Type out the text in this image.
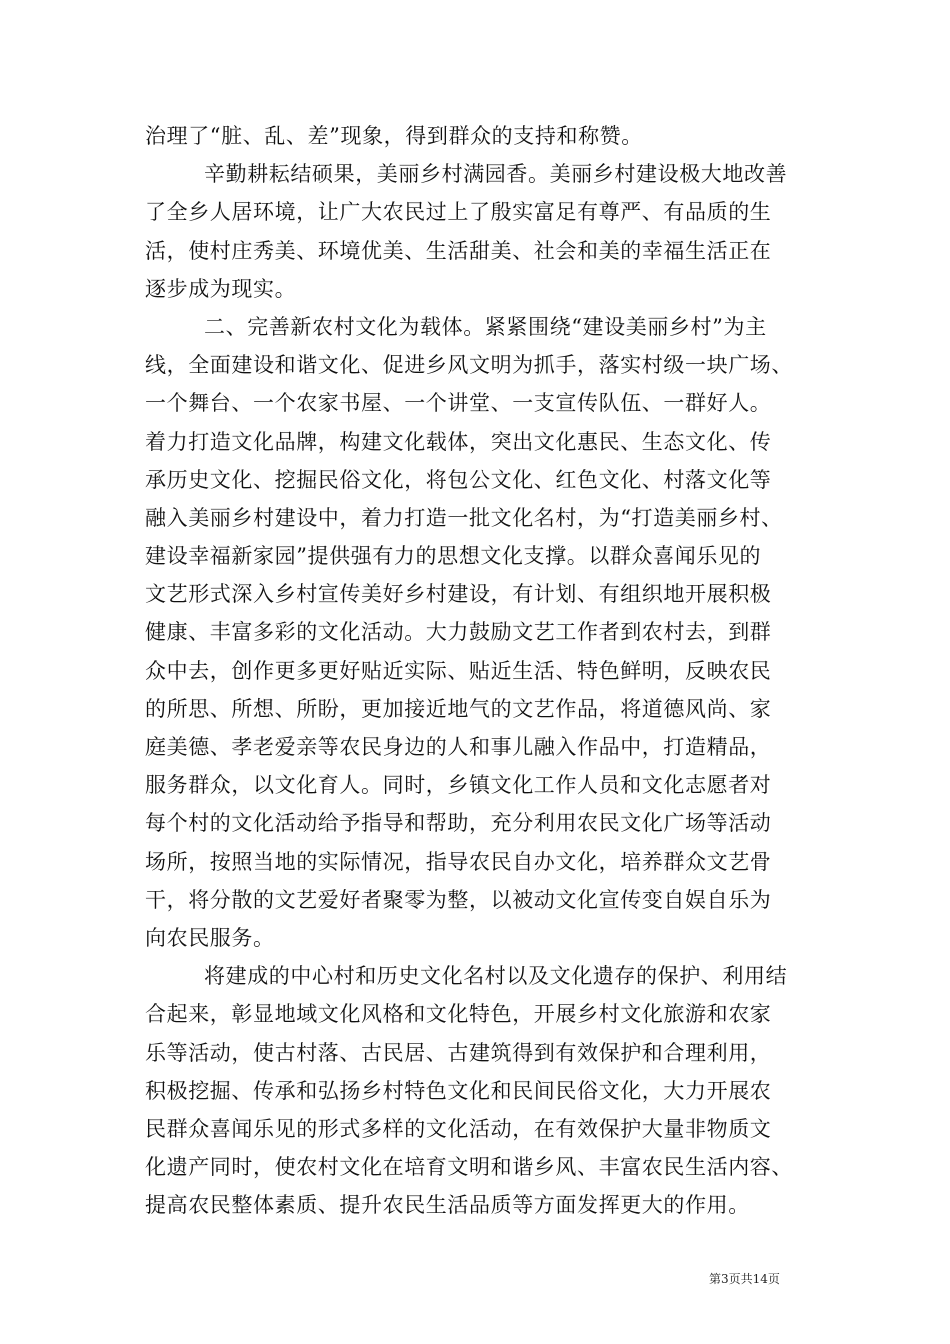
治理了“脏、乱、差”现象，得到群众的支持和称赞。
辛勤耕耘结硕果，美丽乡村满园香。美丽乡村建设极大地改善
了全乡人居环境，让广大农民过上了殷实富足有尊严、有品质的生
活，使村庄秀美、环境优美、生活甜美、社会和美的幸福生活正在
逐步成为现实。
二、完善新农村文化为载体。紧紧围绕“建设美丽乡村”为主
线，全面建设和谐文化、促进乡风文明为抓手，落实村级一块广场、
一个舞台、一个农家书屋、一个讲堂、一支宣传队伍、一群好人。
着力打造文化品牌，构建文化载体，突出文化惠民、生态文化、传
承历史文化、挖掘民俗文化，将包公文化、红色文化、村落文化等
融入美丽乡村建设中，着力打造一批文化名村，为“打造美丽乡村、
建设幸福新家园”提供强有力的思想文化支撑。以群众喜闻乐见的
文艺形式深入乡村宣传美好乡村建设，有计划、有组织地开展积极
健康、丰富多彩的文化活动。大力鼓励文艺工作者到农村去，到群
众中去，创作更多更好贴近实际、贴近生活、特色鲜明，反映农民
的所思、所想、所盼，更加接近地气的文艺作品，将道德风尚、家
庭美德、孝老爱亲等农民身边的人和事儿融入作品中，打造精品，
服务群众，以文化育人。同时，乡镇文化工作人员和文化志愿者对
每个村的文化活动给予指导和帮助，充分利用农民文化广场等活动
场所，按照当地的实际情况，指导农民自办文化，培养群众文艺骨
干，将分散的文艺爱好者聚零为整，以被动文化宣传变自娱自乐为
向农民服务。
将建成的中心村和历史文化名村以及文化遗存的保护、利用结
合起来，彰显地域文化风格和文化特色，开展乡村文化旅游和农家
乐等活动，使古村落、古民居、古建筑得到有效保护和合理利用，
积极挖掘、传承和弘扬乡村特色文化和民间民俗文化，大力开展农
民群众喜闻乐见的形式多样的文化活动，在有效保护大量非物质文
化遗产同时，使农村文化在培育文明和谐乡风、丰富农民生活内容、
提高农民整体素质、提升农民生活品质等方面发挥更大的作用。
第3页共14页
